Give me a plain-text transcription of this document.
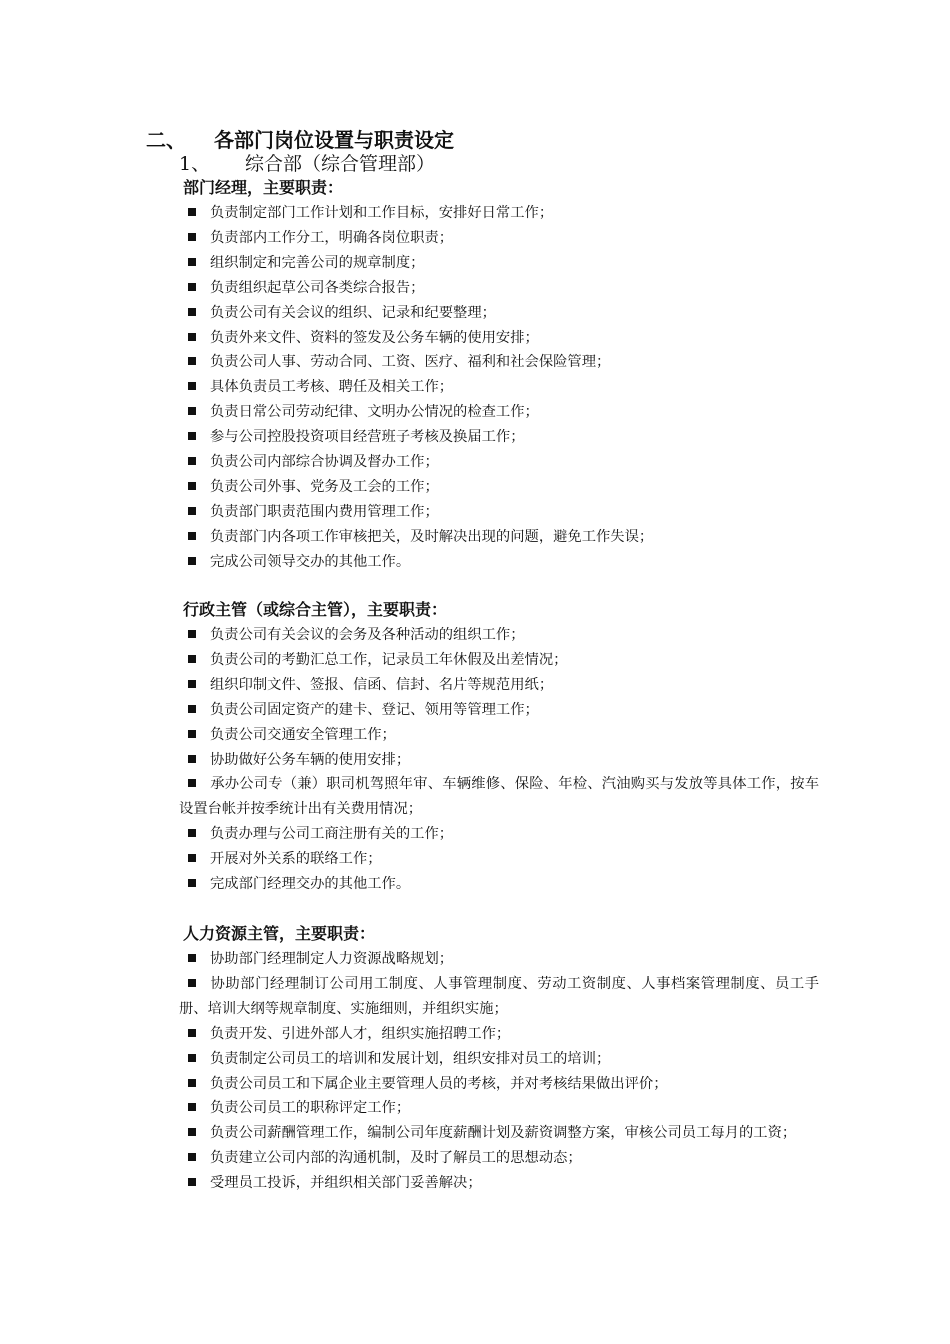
二、 各部门岗位设置与职责设定
1、 综合部（综合管理部）
部门经理，主要职责：
负责制定部门工作计划和工作目标，安排好日常工作；
负责部内工作分工，明确各岗位职责；
组织制定和完善公司的规章制度；
负责组织起草公司各类综合报告；
负责公司有关会议的组织、记录和纪要整理；
负责外来文件、资料的签发及公务车辆的使用安排；
负责公司人事、劳动合同、工资、医疗、福利和社会保险管理；
具体负责员工考核、聘任及相关工作；
负责日常公司劳动纪律、文明办公情况的检查工作；
参与公司控股投资项目经营班子考核及换届工作；
负责公司内部综合协调及督办工作；
负责公司外事、党务及工会的工作；
负责部门职责范围内费用管理工作；
负责部门内各项工作审核把关，及时解决出现的问题，避免工作失误；
完成公司领导交办的其他工作。
行政主管（或综合主管），主要职责：
负责公司有关会议的会务及各种活动的组织工作；
负责公司的考勤汇总工作，记录员工年休假及出差情况；
组织印制文件、签报、信函、信封、名片等规范用纸；
负责公司固定资产的建卡、登记、领用等管理工作；
负责公司交通安全管理工作；
协助做好公务车辆的使用安排；
承办公司专（兼）职司机驾照年审、车辆维修、保险、年检、汽油购买与发放等具体工作，按车设置台帐并按季统计出有关费用情况；
负责办理与公司工商注册有关的工作；
开展对外关系的联络工作；
完成部门经理交办的其他工作。
人力资源主管，主要职责：
协助部门经理制定人力资源战略规划；
协助部门经理制订公司用工制度、人事管理制度、劳动工资制度、人事档案管理制度、员工手册、培训大纲等规章制度、实施细则，并组织实施；
负责开发、引进外部人才，组织实施招聘工作；
负责制定公司员工的培训和发展计划，组织安排对员工的培训；
负责公司员工和下属企业主要管理人员的考核，并对考核结果做出评价；
负责公司员工的职称评定工作；
负责公司薪酬管理工作，编制公司年度薪酬计划及薪资调整方案，审核公司员工每月的工资；
负责建立公司内部的沟通机制，及时了解员工的思想动态；
受理员工投诉，并组织相关部门妥善解决；
